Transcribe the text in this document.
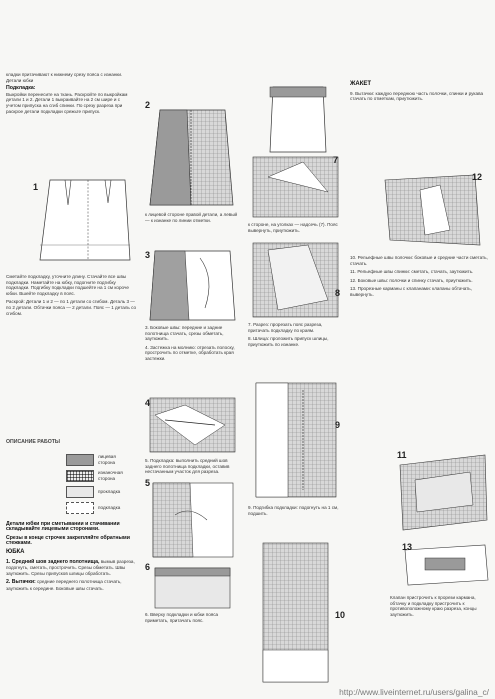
кладки притачивают к нижнему срезу пояса с изнанки. Детали юбки
Подкладка:
Выкройки перенесите на ткань. Раскройте по выкройкам детали 1 и 2. Детали 1 выкраивайте на 2 см шире и с учетом припуска на сгиб спинки. По срезу разреза при раскрое детали подкладки срежьте припуск.
1
Сметайте подкладку, уточните длину. Стачайте все швы подкладки. Наметайте на юбку, подогните подгибку подкладки. Подгибку подкладки подшейте на 1 см короче юбки. Вшейте подкладку в пояс.
Раскрой: Детали 1 и 2 — по 1 детали со сгибом. Деталь 3 — по 2 детали. Обтачки пояса — 2 детали. Пояс — 1 деталь со сгибом.
ОПИСАНИЕ РАБОТЫ
лицевая сторона
изнаночная сторона
прокладка
подкладка
Детали юбки при сметывании и стачивании складывайте лицевыми сторонами.
Срезы в конце строчек закрепляйте обратными стежками.
ЮБКА
1. Средний шов заднего полотнища, вымыв разреза, подогнуть, сметать, прострочить. Срезы обметать. Швы заутюжить. Срезы припусков шлицы обработать.
2. Вытачки: средние переднего полотнища стачать, заутюжить к середине. Боковые швы стачать.
2
к лицевой стороне правой детали, а левый — к изнанке по линии отметки.
3
3. Боковые швы: передние и задние полотнища стачать, срезы обметать, заутюжить.
4. Застежка на молнию: отрезать полоску, прострочить по отметке, обработать края застежки.
4
5. Подкладка: выполнить средний шов заднего полотнища подкладки, оставив нестачанным участок для разреза.
5
6
6. Вверху подкладки и юбки пояса приметать, притачать пояс.
7
к стороне, на уголках — надсечь (7). Пояс вывернуть, приутюжить.
8
7. Разрез: прорезать пояс разреза, притачать подкладку по краям.
8. Шлица: проложить припуск шлицы, приутюжить по изнанке.
9
9. Подгибка подкладки: подогнуть на 1 см, подшить.
10
ЖАКЕТ
9. Вытачки: каждую переднюю часть полочки, спинки и рукава стачать по отметкам, приутюжить.
12
10. Рельефные швы полочки: боковые и средние части сметать, стачать.
11. Рельефные швы спинки: сметать, стачать, заутюжить.
12. Боковые швы: полочки и спинку стачать, приутюжить.
13. Прорезные карманы с клапанами: клапаны обтачать, вывернуть.
11
13
Клапан пристрочить к прорези кармана, обтачку и подкладку пристрочить к противоположному краю разреза, концы заутюжить.
http://www.liveinternet.ru/users/galina_c/
